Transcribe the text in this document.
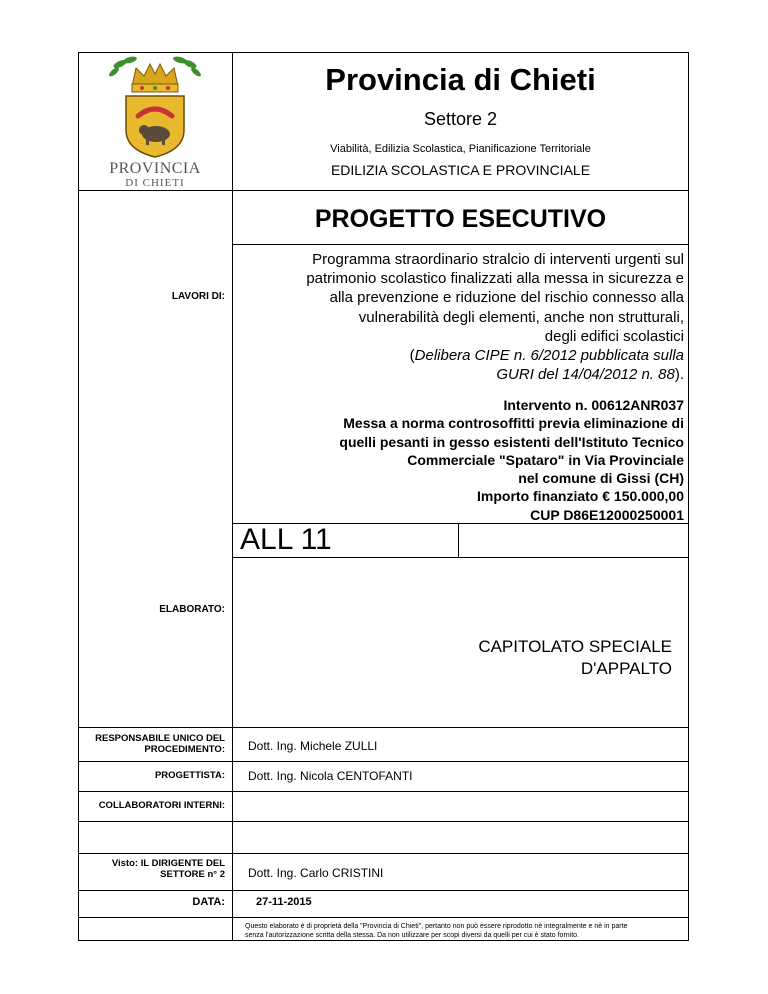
PROVINCIA
DI CHIETI
Provincia di Chieti
Settore 2
Viabilità, Edilizia Scolastica, Pianificazione Territoriale
EDILIZIA SCOLASTICA E PROVINCIALE
PROGETTO ESECUTIVO
LAVORI DI:
Programma straordinario stralcio di interventi urgenti sul
patrimonio scolastico finalizzati alla messa in sicurezza e
alla prevenzione e riduzione del rischio connesso alla
vulnerabilità degli elementi, anche non strutturali,
degli edifici scolastici
(Delibera CIPE n. 6/2012 pubblicata sulla
GURI del 14/04/2012 n. 88).
Intervento n. 00612ANR037
Messa a norma controsoffitti previa eliminazione di
quelli pesanti in gesso esistenti dell'Istituto Tecnico
Commerciale "Spataro" in Via Provinciale
nel comune di Gissi (CH)
Importo finanziato € 150.000,00
CUP D86E12000250001
ALL 11
ELABORATO:
CAPITOLATO SPECIALE
D'APPALTO
RESPONSABILE UNICO DEL
PROCEDIMENTO: Dott. Ing. Michele ZULLI
PROGETTISTA: Dott. Ing. Nicola CENTOFANTI
COLLABORATORI INTERNI:
Visto: IL DIRIGENTE DEL
SETTORE n° 2 Dott. Ing. Carlo CRISTINI
DATA:	27-11-2015
Questo elaborato è di proprietà della "Provincia di Chieti", pertanto non può essere riprodotto nè integralmente e nè in parte
senza l'autorizzazione scritta della stessa. Da non utilizzare per scopi diversi da quelli per cui è stato fornito.
